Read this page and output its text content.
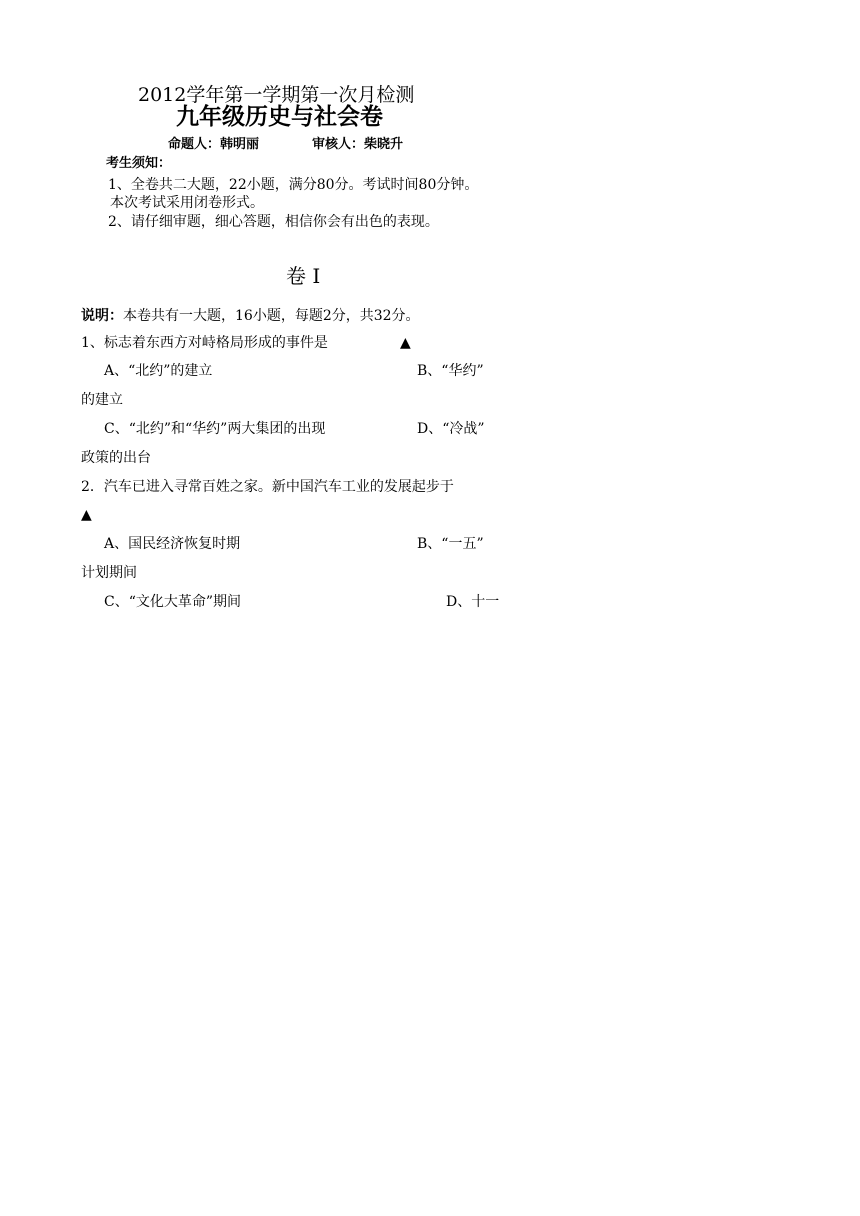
2012学年第一学期第一次月检测
九年级历史与社会卷
命题人：韩明丽	审核人：柴晓升
考生须知：
1、全卷共二大题，22小题，满分80分。考试时间80分钟。
本次考试采用闭卷形式。
2、请仔细审题，细心答题，相信你会有出色的表现。
卷 I
说明：本卷共有一大题，16小题，每题2分，共32分。
1、标志着东西方对峙格局形成的事件是	▲
A、“北约”的建立	B、“华约”
的建立
C、“北约”和“华约”两大集团的出现	D、“冷战”
政策的出台
2．汽车已进入寻常百姓之家。新中国汽车工业的发展起步于
▲
A、国民经济恢复时期	B、“一五”
计划期间
C、“文化大革命”期间	D、十一
